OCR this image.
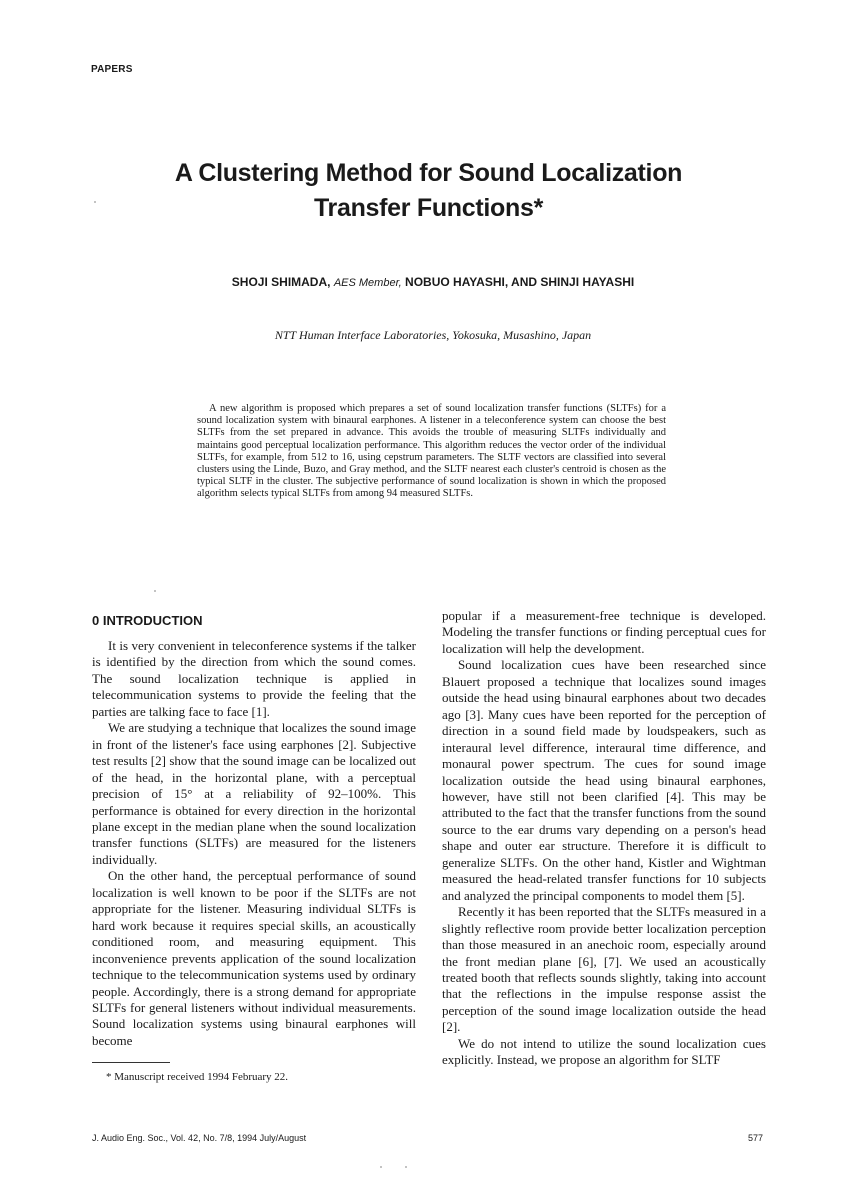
PAPERS
A Clustering Method for Sound Localization
Transfer Functions*
SHOJI SHIMADA, AES Member, NOBUO HAYASHI, AND SHINJI HAYASHI
NTT Human Interface Laboratories, Yokosuka, Musashino, Japan
A new algorithm is proposed which prepares a set of sound localization transfer functions (SLTFs) for a sound localization system with binaural earphones. A listener in a teleconference system can choose the best SLTFs from the set prepared in advance. This avoids the trouble of measuring SLTFs individually and maintains good perceptual localization performance. This algorithm reduces the vector order of the individual SLTFs, for example, from 512 to 16, using cepstrum parameters. The SLTF vectors are classified into several clusters using the Linde, Buzo, and Gray method, and the SLTF nearest each cluster's centroid is chosen as the typical SLTF in the cluster. The subjective performance of sound localization is shown in which the proposed algorithm selects typical SLTFs from among 94 measured SLTFs.
0 INTRODUCTION

It is very convenient in teleconference systems if the talker is identified by the direction from which the sound comes. The sound localization technique is applied in telecommunication systems to provide the feeling that the parties are talking face to face [1].

We are studying a technique that localizes the sound image in front of the listener's face using earphones [2]. Subjective test results [2] show that the sound image can be localized out of the head, in the horizontal plane, with a perceptual precision of 15° at a reliability of 92–100%. This performance is obtained for every direction in the horizontal plane except in the median plane when the sound localization transfer functions (SLTFs) are measured for the listeners individually.

On the other hand, the perceptual performance of sound localization is well known to be poor if the SLTFs are not appropriate for the listener. Measuring individual SLTFs is hard work because it requires special skills, an acoustically conditioned room, and measuring equipment. This inconvenience prevents application of the sound localization technique to the telecommunication systems used by ordinary people. Accordingly, there is a strong demand for appropriate SLTFs for general listeners without individual measurements. Sound localization systems using binaural earphones will become

popular if a measurement-free technique is developed. Modeling the transfer functions or finding perceptual cues for localization will help the development.

Sound localization cues have been researched since Blauert proposed a technique that localizes sound images outside the head using binaural earphones about two decades ago [3]. Many cues have been reported for the perception of direction in a sound field made by loudspeakers, such as interaural level difference, interaural time difference, and monaural power spectrum. The cues for sound image localization outside the head using binaural earphones, however, have still not been clarified [4]. This may be attributed to the fact that the transfer functions from the sound source to the ear drums vary depending on a person's head shape and outer ear structure. Therefore it is difficult to generalize SLTFs. On the other hand, Kistler and Wightman measured the head-related transfer functions for 10 subjects and analyzed the principal components to model them [5].

Recently it has been reported that the SLTFs measured in a slightly reflective room provide better localization perception than those measured in an anechoic room, especially around the front median plane [6], [7]. We used an acoustically treated booth that reflects sounds slightly, taking into account that the reflections in the impulse response assist the perception of the sound image localization outside the head [2].

We do not intend to utilize the sound localization cues explicitly. Instead, we propose an algorithm for SLTF

* Manuscript received 1994 February 22.
J. Audio Eng. Soc., Vol. 42, No. 7/8, 1994 July/August	577
